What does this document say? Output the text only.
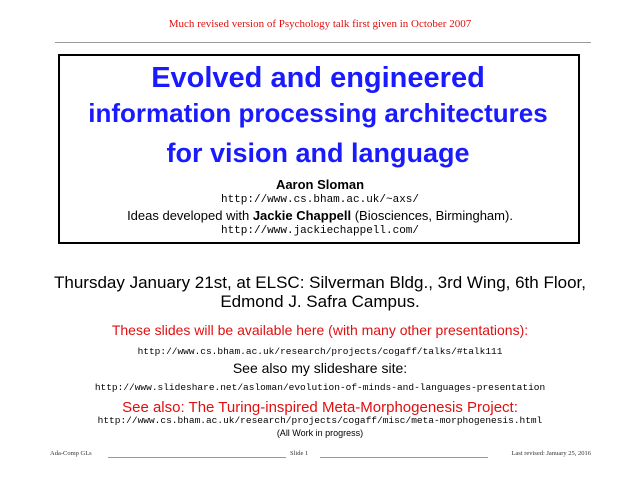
Much revised version of Psychology talk first given in October 2007
Evolved and engineered
information processing architectures
for vision and language
Aaron Sloman
http://www.cs.bham.ac.uk/~axs/
Ideas developed with Jackie Chappell (Biosciences, Birmingham).
http://www.jackiechappell.com/
Thursday January 21st, at ELSC: Silverman Bldg., 3rd Wing, 6th Floor,
Edmond J. Safra Campus.
These slides will be available here (with many other presentations):
http://www.cs.bham.ac.uk/research/projects/cogaff/talks/#talk111
See also my slideshare site:
http://www.slideshare.net/asloman/evolution-of-minds-and-languages-presentation
See also: The Turing-inspired Meta-Morphogenesis Project:
http://www.cs.bham.ac.uk/research/projects/cogaff/misc/meta-morphogenesis.html
(All Work in progress)
Ada-Comp GLs	Slide 1	Last revised: January 25, 2016
